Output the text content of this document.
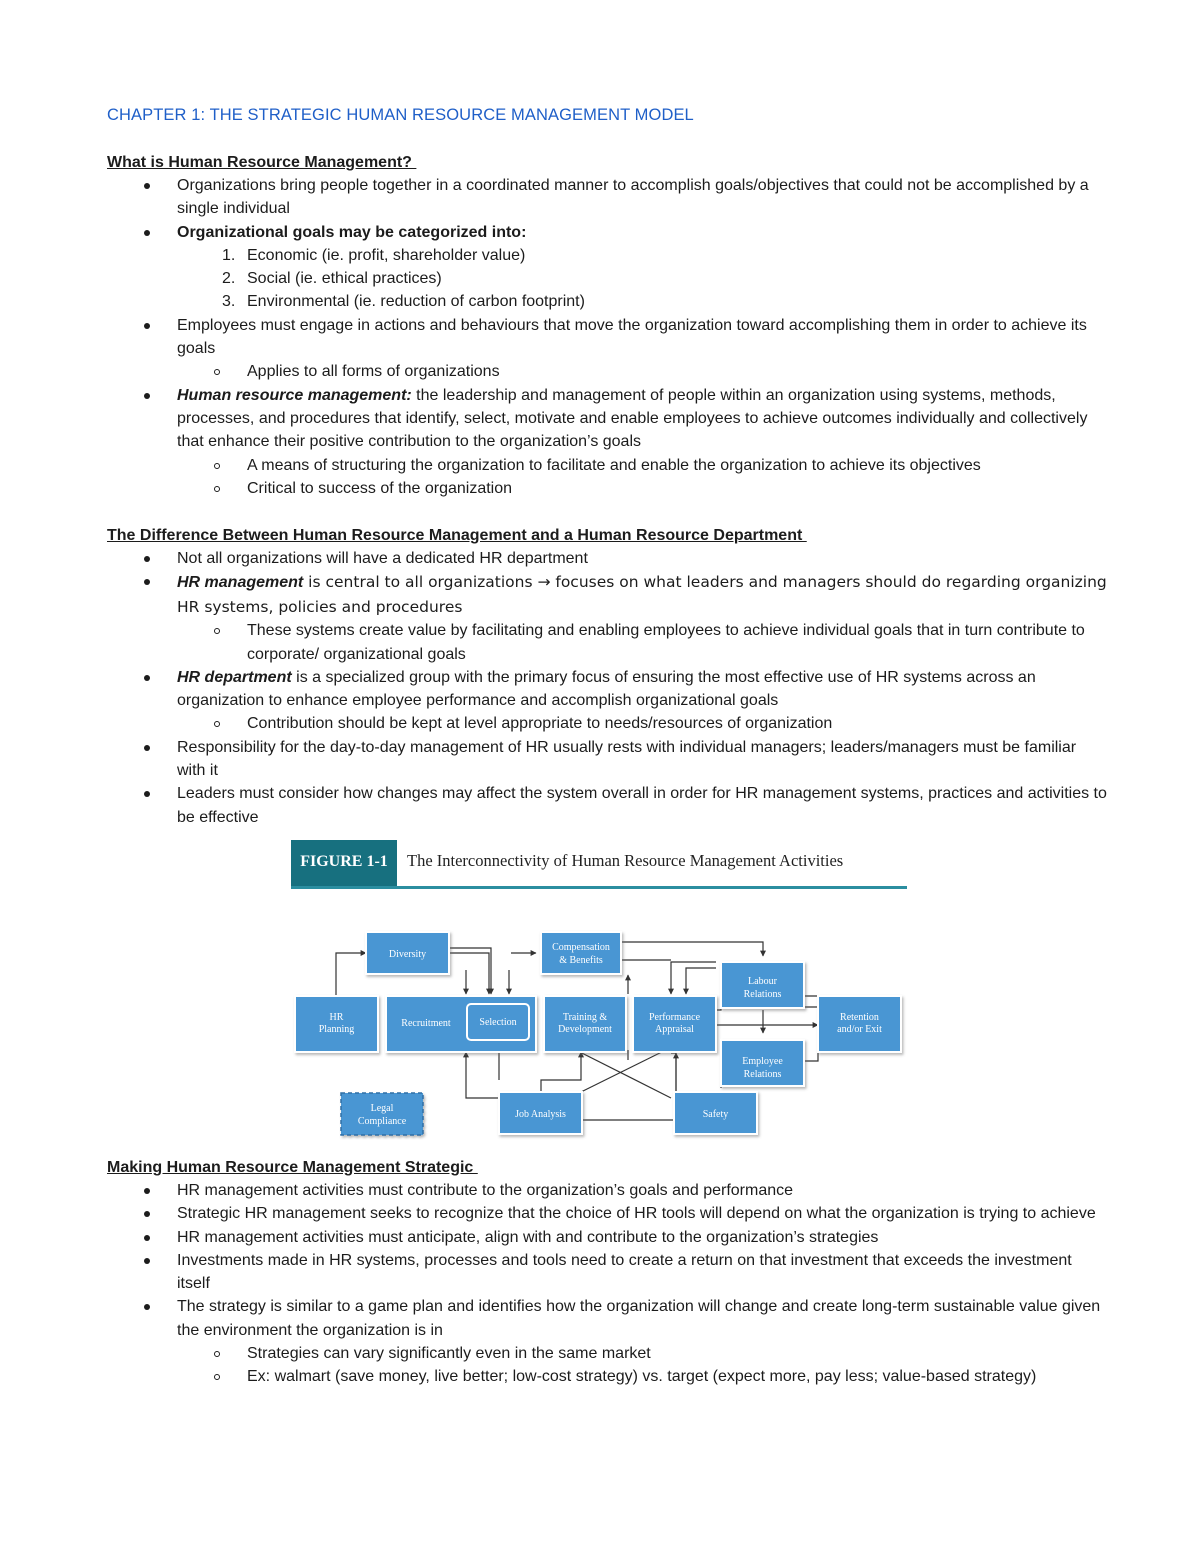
CHAPTER 1: THE STRATEGIC HUMAN RESOURCE MANAGEMENT MODEL

What is Human Resource Management?

Organizations bring people together in a coordinated manner to accomplish goals/objectives that could not be accomplished by a single individual
Organizational goals may be categorized into:
1. Economic (ie. profit, shareholder value)
2. Social (ie. ethical practices)
3. Environmental (ie. reduction of carbon footprint)
Employees must engage in actions and behaviours that move the organization toward accomplishing them in order to achieve its goals
Applies to all forms of organizations
Human resource management: the leadership and management of people within an organization using systems, methods, processes, and procedures that identify, select, motivate and enable employees to achieve outcomes individually and collectively that enhance their positive contribution to the organization’s goals
A means of structuring the organization to facilitate and enable the organization to achieve its objectives
Critical to success of the organization

The Difference Between Human Resource Management and a Human Resource Department

Not all organizations will have a dedicated HR department
HR management is central to all organizations → focuses on what leaders and managers should do regarding organizing HR systems, policies and procedures
These systems create value by facilitating and enabling employees to achieve individual goals that in turn contribute to corporate/ organizational goals
HR department is a specialized group with the primary focus of ensuring the most effective use of HR systems across an organization to enhance employee performance and accomplish organizational goals
Contribution should be kept at level appropriate to needs/resources of organization
Responsibility for the day-to-day management of HR usually rests with individual managers; leaders/managers must be familiar with it
Leaders must consider how changes may affect the system overall in order for HR management systems, practices and activities to be effective
FIGURE 1-1	The Interconnectivity of Human Resource Management Activities
Diversity
HR
Planning
Recruitment	Selection
Compensation
& Benefits
Training &
Development
Performance
Appraisal
Labour
Relations
Retention
and/or Exit
Employee
Relations
Job Analysis	Safety
Legal
Compliance

Making Human Resource Management Strategic

HR management activities must contribute to the organization’s goals and performance
Strategic HR management seeks to recognize that the choice of HR tools will depend on what the organization is trying to achieve
HR management activities must anticipate, align with and contribute to the organization’s strategies
Investments made in HR systems, processes and tools need to create a return on that investment that exceeds the investment itself
The strategy is similar to a game plan and identifies how the organization will change and create long-term sustainable value given the environment the organization is in
Strategies can vary significantly even in the same market
Ex: walmart (save money, live better; low-cost strategy) vs. target (expect more, pay less; value-based strategy)
